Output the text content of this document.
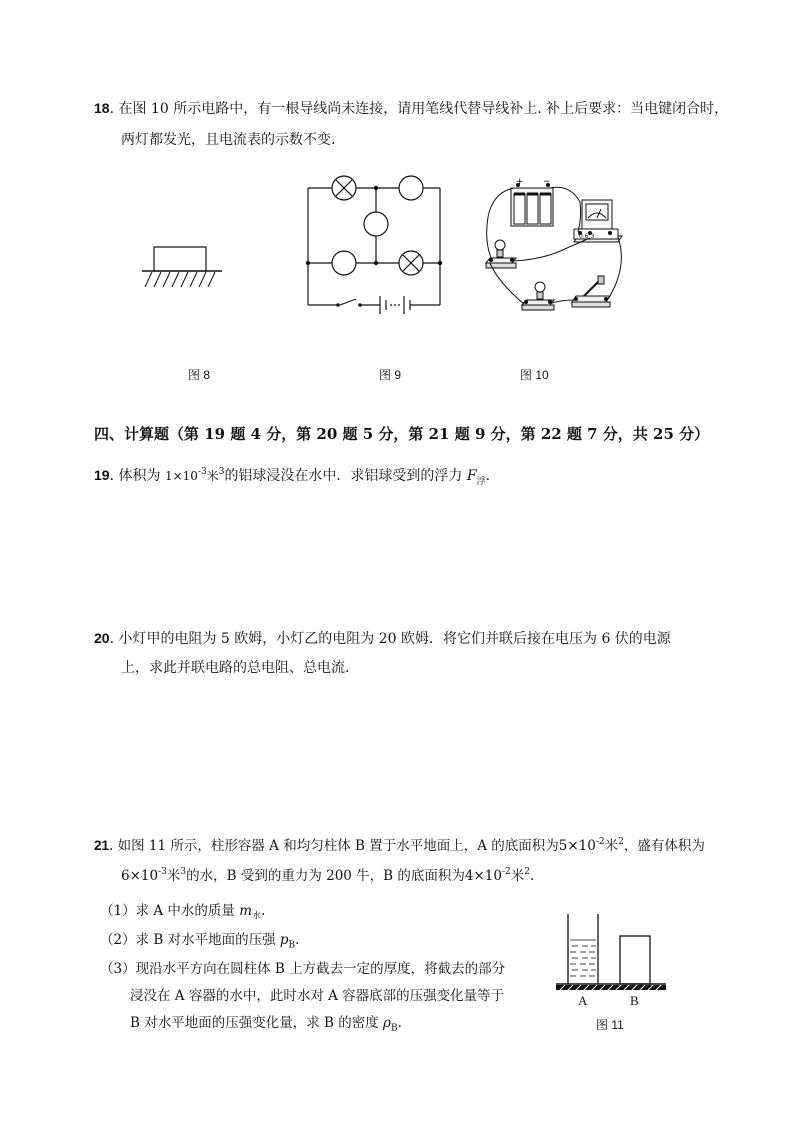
18. 在图 10 所示电路中，有一根导线尚未连接，请用笔线代替导线补上. 补上后要求：当电键闭合时，
两灯都发光，且电流表的示数不变.
+ −
0.6 3
图 8	图 9	图 10
四、计算题（第 19 题 4 分，第 20 题 5 分，第 21 题 9 分，第 22 题 7 分，共 25 分）
19. 体积为 $1\times 10^{-3}$米$^3$的铝球浸没在水中．求铝球受到的浮力 $F_浮$.
20. 小灯甲的电阻为 5 欧姆，小灯乙的电阻为 20 欧姆．将它们并联后接在电压为 6 伏的电源
上，求此并联电路的总电阻、总电流．
21. 如图 11 所示，柱形容器 A 和均匀柱体 B 置于水平地面上，A 的底面积为$5\times 10^{-2}$米$^2$，盛有体积为
$6\times 10^{-3}$米$^3$的水，B 受到的重力为 200 牛，B 的底面积为$4\times 10^{-2}$米$^2$.
（1）求 A 中水的质量 $m_水$.
（2）求 B 对水平地面的压强 $p_B$.
（3）现沿水平方向在圆柱体 B 上方截去一定的厚度，将截去的部分
浸没在 A 容器的水中，此时水对 A 容器底部的压强变化量等于
B 对水平地面的压强变化量，求 B 的密度 $\rho_B$.
A	B
图 11
